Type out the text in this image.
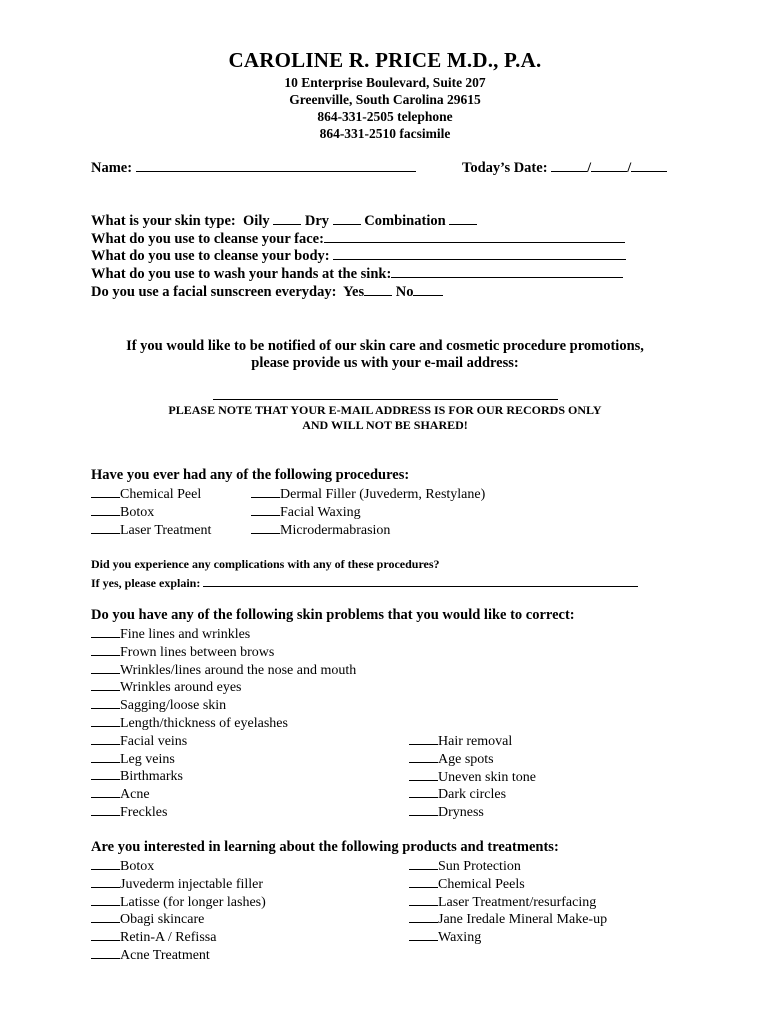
CAROLINE R. PRICE M.D., P.A.
10 Enterprise Boulevard, Suite 207
Greenville, South Carolina 29615
864-331-2505 telephone
864-331-2510 facsimile
Name:	Today’s Date:	/ /
What is your skin type: Oily Dry Combination
What do you use to cleanse your face:
What do you use to cleanse your body:
What do you use to wash your hands at the sink:
Do you use a facial sunscreen everyday: Yes No
If you would like to be notified of our skin care and cosmetic procedure promotions,
please provide us with your e-mail address:
PLEASE NOTE THAT YOUR E-MAIL ADDRESS IS FOR OUR RECORDS ONLY
AND WILL NOT BE SHARED!
Have you ever had any of the following procedures:
Chemical Peel
Botox
Laser Treatment
Dermal Filler (Juvederm, Restylane)
Facial Waxing
Microdermabrasion
Did you experience any complications with any of these procedures?
If yes, please explain:
Do you have any of the following skin problems that you would like to correct:
Fine lines and wrinkles
Frown lines between brows
Wrinkles/lines around the nose and mouth
Wrinkles around eyes
Sagging/loose skin
Length/thickness of eyelashes
Facial veins
Leg veins
Birthmarks
Acne
Freckles
Hair removal
Age spots
Uneven skin tone
Dark circles
Dryness
Are you interested in learning about the following products and treatments:
Botox
Juvederm injectable filler
Latisse (for longer lashes)
Obagi skincare
Retin-A / Refissa
Acne Treatment
Sun Protection
Chemical Peels
Laser Treatment/resurfacing
Jane Iredale Mineral Make-up
Waxing
